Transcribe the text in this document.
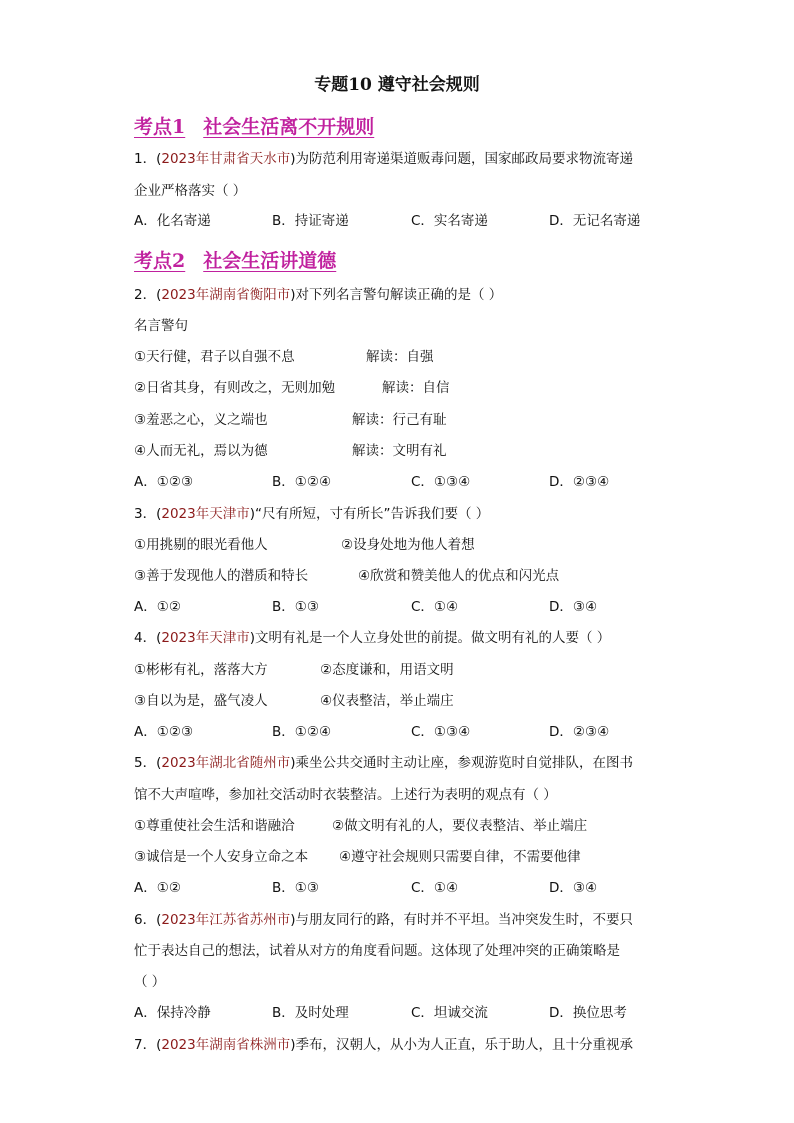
专题10 遵守社会规则
考点1 社会生活离不开规则
1．(2023年甘肃省天水市)为防范利用寄递渠道贩毒问题，国家邮政局要求物流寄递
企业严格落实（ ）
A．化名寄递	B．持证寄递	C．实名寄递	D．无记名寄递
考点2 社会生活讲道德
2．(2023年湖南省衡阳市)对下列名言警句解读正确的是（ ）
名言警句
①天行健，君子以自强不息	解读：自强
②日省其身，有则改之，无则加勉	解读：自信
③羞恶之心，义之端也	解读：行己有耻
④人而无礼，焉以为德	解读：文明有礼
A．①②③	B．①②④	C．①③④	D．②③④
3．(2023年天津市)“尺有所短，寸有所长”告诉我们要（ ）
①用挑剔的眼光看他人	②设身处地为他人着想
③善于发现他人的潜质和特长	④欣赏和赞美他人的优点和闪光点
A．①②	B．①③	C．①④	D．③④
4．(2023年天津市)文明有礼是一个人立身处世的前提。做文明有礼的人要（ ）
①彬彬有礼，落落大方	②态度谦和，用语文明
③自以为是，盛气凌人	④仪表整洁，举止端庄
A．①②③	B．①②④	C．①③④	D．②③④
5．(2023年湖北省随州市)乘坐公共交通时主动让座，参观游览时自觉排队，在图书
馆不大声喧哗，参加社交活动时衣装整洁。上述行为表明的观点有（ ）
①尊重使社会生活和谐融洽	②做文明有礼的人，要仪表整洁、举止端庄
③诚信是一个人安身立命之本 ④遵守社会规则只需要自律，不需要他律
A．①②	B．①③	C．①④	D．③④
6．(2023年江苏省苏州市)与朋友同行的路，有时并不平坦。当冲突发生时，不要只
忙于表达自己的想法，试着从对方的角度看问题。这体现了处理冲突的正确策略是
（ ）
A．保持冷静	B．及时处理	C．坦诚交流	D．换位思考
7．(2023年湖南省株洲市)季布，汉朝人，从小为人正直，乐于助人，且十分重视承
